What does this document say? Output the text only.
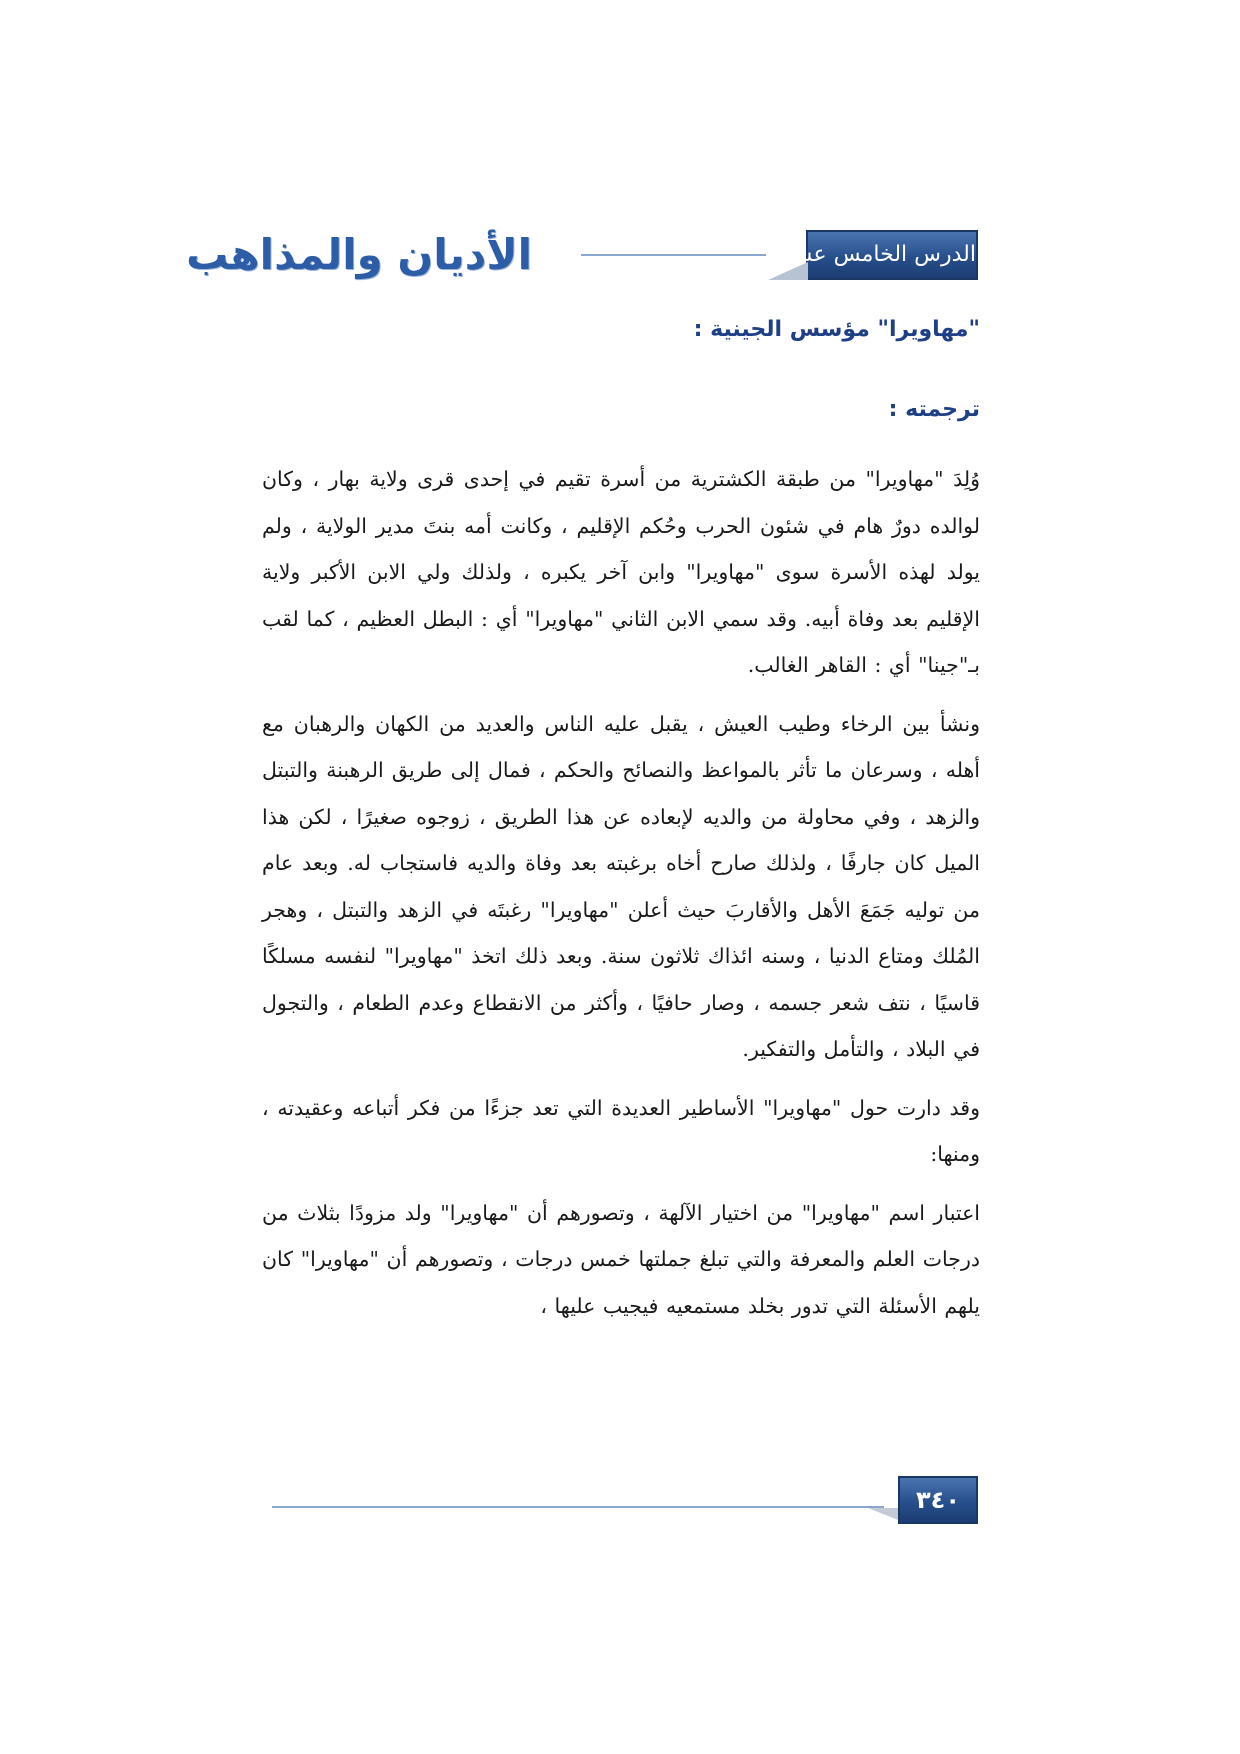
الأديان والمذاهب	الدرس الخامس عشر
"مهاويرا" مؤسس الجينية :
ترجمته :

وُلِدَ "مهاويرا" من طبقة الكشترية من أسرة تقيم في إحدى قرى ولاية بهار ، وكان لوالده دورٌ هام في شئون الحرب وحُكم الإقليم ، وكانت أمه بنتَ مدير الولاية ، ولم يولد لهذه الأسرة سوى "مهاويرا" وابن آخر يكبره ، ولذلك ولي الابن الأكبر ولاية الإقليم بعد وفاة أبيه. وقد سمي الابن الثاني "مهاويرا" أي : البطل العظيم ، كما لقب بـ"جينا" أي : القاهر الغالب.

ونشأ بين الرخاء وطيب العيش ، يقبل عليه الناس والعديد من الكهان والرهبان مع أهله ، وسرعان ما تأثر بالمواعظ والنصائح والحكم ، فمال إلى طريق الرهبنة والتبتل والزهد ، وفي محاولة من والديه لإبعاده عن هذا الطريق ، زوجوه صغيرًا ، لكن هذا الميل كان جارفًا ، ولذلك صارح أخاه برغبته بعد وفاة والديه فاستجاب له. وبعد عام من توليه جَمَعَ الأهل والأقاربَ حيث أعلن "مهاويرا" رغبتَه في الزهد والتبتل ، وهجر المُلك ومتاع الدنيا ، وسنه ائذاك ثلاثون سنة. وبعد ذلك اتخذ "مهاويرا" لنفسه مسلكًا قاسيًا ، نتف شعر جسمه ، وصار حافيًا ، وأكثر من الانقطاع وعدم الطعام ، والتجول في البلاد ، والتأمل والتفكير.

وقد دارت حول "مهاويرا" الأساطير العديدة التي تعد جزءًا من فكر أتباعه وعقيدته ، ومنها:

اعتبار اسم "مهاويرا" من اختيار الآلهة ، وتصورهم أن "مهاويرا" ولد مزودًا بثلاث من درجات العلم والمعرفة والتي تبلغ جملتها خمس درجات ، وتصورهم أن "مهاويرا" كان يلهم الأسئلة التي تدور بخلد مستمعيه فيجيب عليها ،

٣٤٠
